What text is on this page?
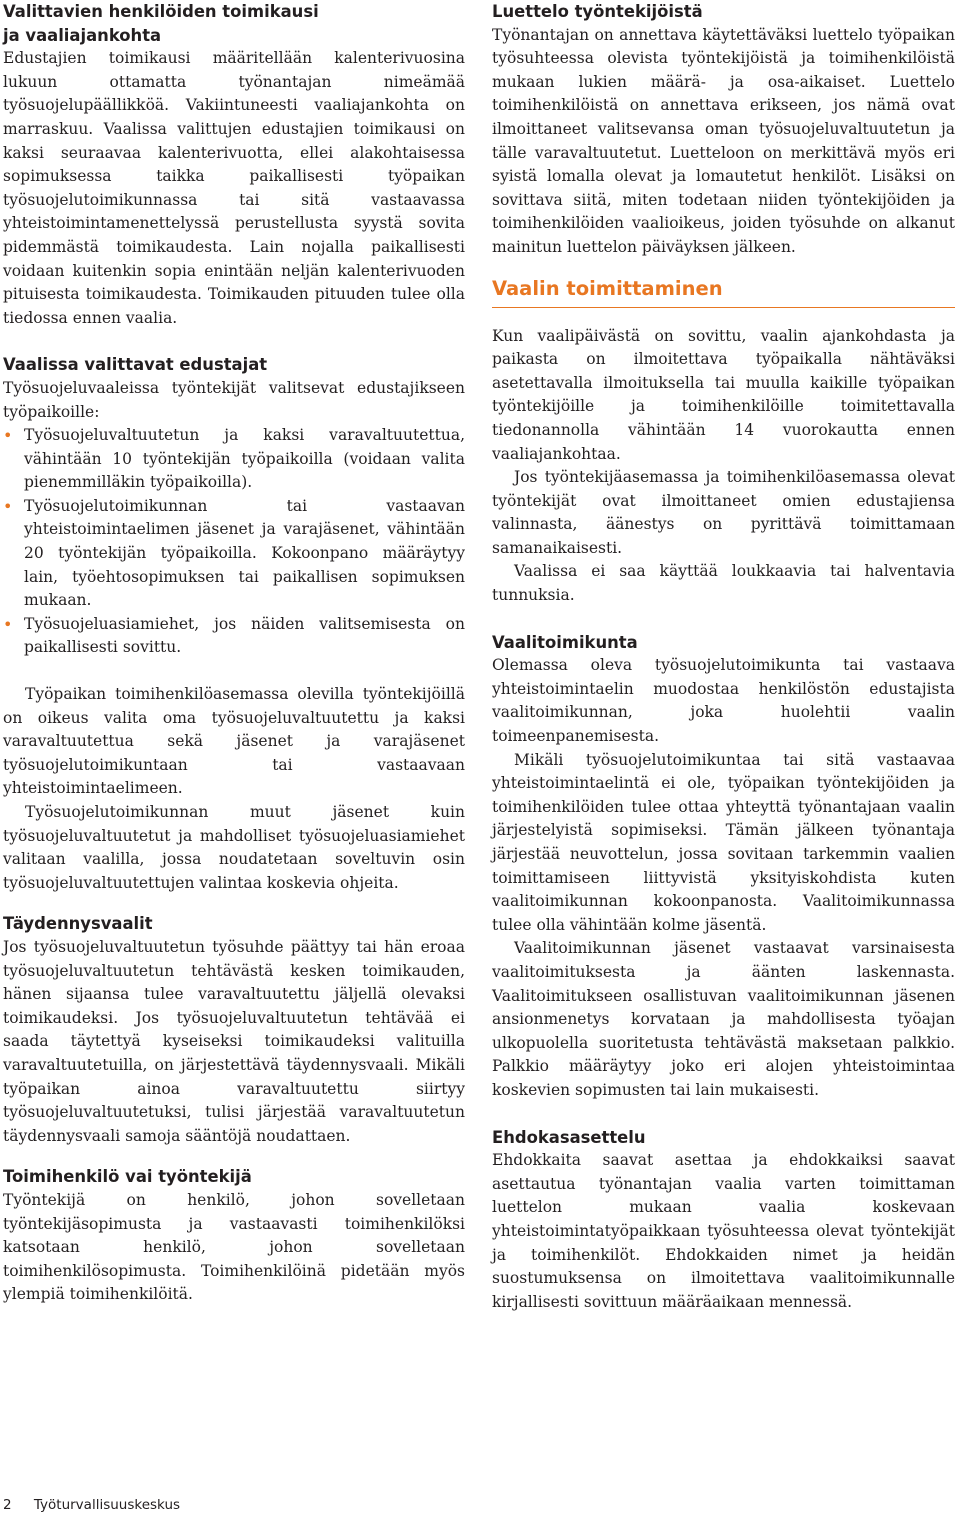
Valittavien henkilöiden toimikausi
ja vaaliajankohta

Edustajien toimikausi määritellään kalenterivuosina lukuun ottamatta työnantajan nimeämää työsuojelupäällikköä. Vakiintuneesti vaaliajankohta on marraskuu. Vaalissa valittujen edustajien toimikausi on kaksi seuraavaa kalenterivuotta, ellei alakohtaisessa sopimuksessa taikka paikallisesti työpaikan työsuojelutoimikunnassa tai sitä vastaavassa yhteistoimintamenettelyssä perustellusta syystä sovita pidemmästä toimikaudesta. Lain nojalla paikallisesti voidaan kuitenkin sopia enintään neljän kalenterivuoden pituisesta toimikaudesta. Toimikauden pituuden tulee olla tiedossa ennen vaalia.

Vaalissa valittavat edustajat

Työsuojeluvaaleissa työntekijät valitsevat edustajikseen työpaikoille:

• Työsuojeluvaltuutetun ja kaksi varavaltuutettua, vähintään 10 työntekijän työpaikoilla (voidaan valita pienemmilläkin työpaikoilla).
• Työsuojelutoimikunnan tai vastaavan yhteistoimintaelimen jäsenet ja varajäsenet, vähintään 20 työntekijän työpaikoilla. Kokoonpano määräytyy lain, työehtosopimuksen tai paikallisen sopimuksen mukaan.
• Työsuojeluasiamiehet, jos näiden valitsemisesta on paikallisesti sovittu.

Työpaikan toimihenkilöasemassa olevilla työntekijöillä on oikeus valita oma työsuojeluvaltuutettu ja kaksi varavaltuutettua sekä jäsenet ja varajäsenet työsuojelutoimikuntaan tai vastaavaan yhteistoimintaelimeen.

Työsuojelutoimikunnan muut jäsenet kuin työsuojeluvaltuutetut ja mahdolliset työsuojeluasiamiehet valitaan vaalilla, jossa noudatetaan soveltuvin osin työsuojeluvaltuutettujen valintaa koskevia ohjeita.

Täydennysvaalit

Jos työsuojeluvaltuutetun työsuhde päättyy tai hän eroaa työsuojeluvaltuutetun tehtävästä kesken toimikauden, hänen sijaansa tulee varavaltuutettu jäljellä olevaksi toimikaudeksi. Jos työsuojeluvaltuutetun tehtävää ei saada täytettyä kyseiseksi toimikaudeksi valituilla varavaltuutetuilla, on järjestettävä täydennysvaali. Mikäli työpaikan ainoa varavaltuutettu siirtyy työsuojeluvaltuutetuksi, tulisi järjestää varavaltuutetun täydennysvaali samoja sääntöjä noudattaen.

Toimihenkilö vai työntekijä

Työntekijä on henkilö, johon sovelletaan työntekijäsopimusta ja vastaavasti toimihenkilöksi katsotaan henkilö, johon sovelletaan toimihenkilösopimusta. Toimihenkilöinä pidetään myös ylempiä toimihenkilöitä.

Luettelo työntekijöistä

Työnantajan on annettava käytettäväksi luettelo työpaikan työsuhteessa olevista työntekijöistä ja toimihenkilöistä mukaan lukien määrä- ja osa-aikaiset. Luettelo toimihenkilöistä on annettava erikseen, jos nämä ovat ilmoittaneet valitsevansa oman työsuojeluvaltuutetun ja tälle varavaltuutetut. Luetteloon on merkittävä myös eri syistä lomalla olevat ja lomautetut henkilöt. Lisäksi on sovittava siitä, miten todetaan niiden työntekijöiden ja toimihenkilöiden vaalioikeus, joiden työsuhde on alkanut mainitun luettelon päiväyksen jälkeen.

Vaalin toimittaminen

Kun vaalipäivästä on sovittu, vaalin ajankohdasta ja paikasta on ilmoitettava työpaikalla nähtäväksi asetettavalla ilmoituksella tai muulla kaikille työpaikan työntekijöille ja toimihenkilöille toimitettavalla tiedonannolla vähintään 14 vuorokautta ennen vaaliajankohtaa.

Jos työntekijäasemassa ja toimihenkilöasemassa olevat työntekijät ovat ilmoittaneet omien edustajiensa valinnasta, äänestys on pyrittävä toimittamaan samanaikaisesti.

Vaalissa ei saa käyttää loukkaavia tai halventavia tunnuksia.

Vaalitoimikunta

Olemassa oleva työsuojelutoimikunta tai vastaava yhteistoimintaelin muodostaa henkilöstön edustajista vaalitoimikunnan, joka huolehtii vaalin toimeenpanemisesta.

Mikäli työsuojelutoimikuntaa tai sitä vastaavaa yhteistoimintaelintä ei ole, työpaikan työntekijöiden ja toimihenkilöiden tulee ottaa yhteyttä työnantajaan vaalin järjestelyistä sopimiseksi. Tämän jälkeen työnantaja järjestää neuvottelun, jossa sovitaan tarkemmin vaalien toimittamiseen liittyvistä yksityiskohdista kuten vaalitoimikunnan kokoonpanosta. Vaalitoimikunnassa tulee olla vähintään kolme jäsentä.

Vaalitoimikunnan jäsenet vastaavat varsinaisesta vaalitoimituksesta ja äänten laskennasta. Vaalitoimitukseen osallistuvan vaalitoimikunnan jäsenen ansionmenetys korvataan ja mahdollisesta työajan ulkopuolella suoritetusta tehtävästä maksetaan palkkio. Palkkio määräytyy joko eri alojen yhteistoimintaa koskevien sopimusten tai lain mukaisesti.

Ehdokasasettelu

Ehdokkaita saavat asettaa ja ehdokkaiksi saavat asettautua työnantajan vaalia varten toimittaman luettelon mukaan vaalia koskevaan yhteistoimintatyöpaikkaan työsuhteessa olevat työntekijät ja toimihenkilöt. Ehdokkaiden nimet ja heidän suostumuksensa on ilmoitettava vaalitoimikunnalle kirjallisesti sovittuun määräaikaan mennessä.

2 Työturvallisuuskeskus
